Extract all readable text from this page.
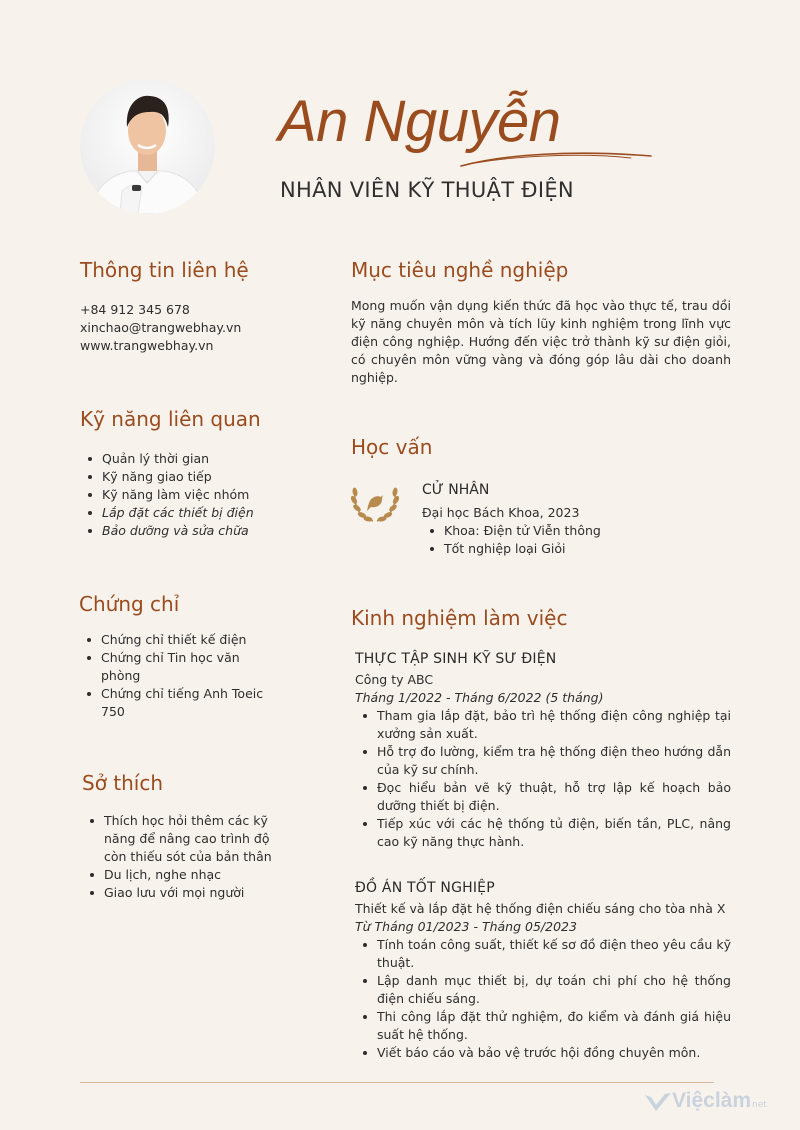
An Nguyễn
NHÂN VIÊN KỸ THUẬT ĐIỆN
Thông tin liên hệ
+84 912 345 678
xinchao@trangwebhay.vn
www.trangwebhay.vn
Kỹ năng liên quan
Quản lý thời gian
Kỹ năng giao tiếp
Kỹ năng làm việc nhóm
Lắp đặt các thiết bị điện
Bảo dưỡng và sửa chữa
Chứng chỉ
Chứng chỉ thiết kế điện
Chứng chỉ Tin học văn phòng
Chứng chỉ tiếng Anh Toeic 750
Sở thích
Thích học hỏi thêm các kỹ năng để nâng cao trình độ còn thiếu sót của bản thân
Du lịch, nghe nhạc
Giao lưu với mọi người
Mục tiêu nghề nghiệp
Mong muốn vận dụng kiến thức đã học vào thực tế, trau dồi kỹ năng chuyên môn và tích lũy kinh nghiệm trong lĩnh vực điện công nghiệp. Hướng đến việc trở thành kỹ sư điện giỏi, có chuyên môn vững vàng và đóng góp lâu dài cho doanh nghiệp.
Học vấn
CỬ NHÂN
Đại học Bách Khoa, 2023
Khoa: Điện tử Viễn thông
Tốt nghiệp loại Giỏi
Kinh nghiệm làm việc
THỰC TẬP SINH KỸ SƯ ĐIỆN
Công ty ABC
Tháng 1/2022 - Tháng 6/2022 (5 tháng)
Tham gia lắp đặt, bảo trì hệ thống điện công nghiệp tại xưởng sản xuất.
Hỗ trợ đo lường, kiểm tra hệ thống điện theo hướng dẫn của kỹ sư chính.
Đọc hiểu bản vẽ kỹ thuật, hỗ trợ lập kế hoạch bảo dưỡng thiết bị điện.
Tiếp xúc với các hệ thống tủ điện, biến tần, PLC, nâng cao kỹ năng thực hành.
ĐỒ ÁN TỐT NGHIỆP
Thiết kế và lắp đặt hệ thống điện chiếu sáng cho tòa nhà X
Từ Tháng 01/2023 - Tháng 05/2023
Tính toán công suất, thiết kế sơ đồ điện theo yêu cầu kỹ thuật.
Lập danh mục thiết bị, dự toán chi phí cho hệ thống điện chiếu sáng.
Thi công lắp đặt thử nghiệm, đo kiểm và đánh giá hiệu suất hệ thống.
Viết báo cáo và bảo vệ trước hội đồng chuyên môn.
Việclàm net
